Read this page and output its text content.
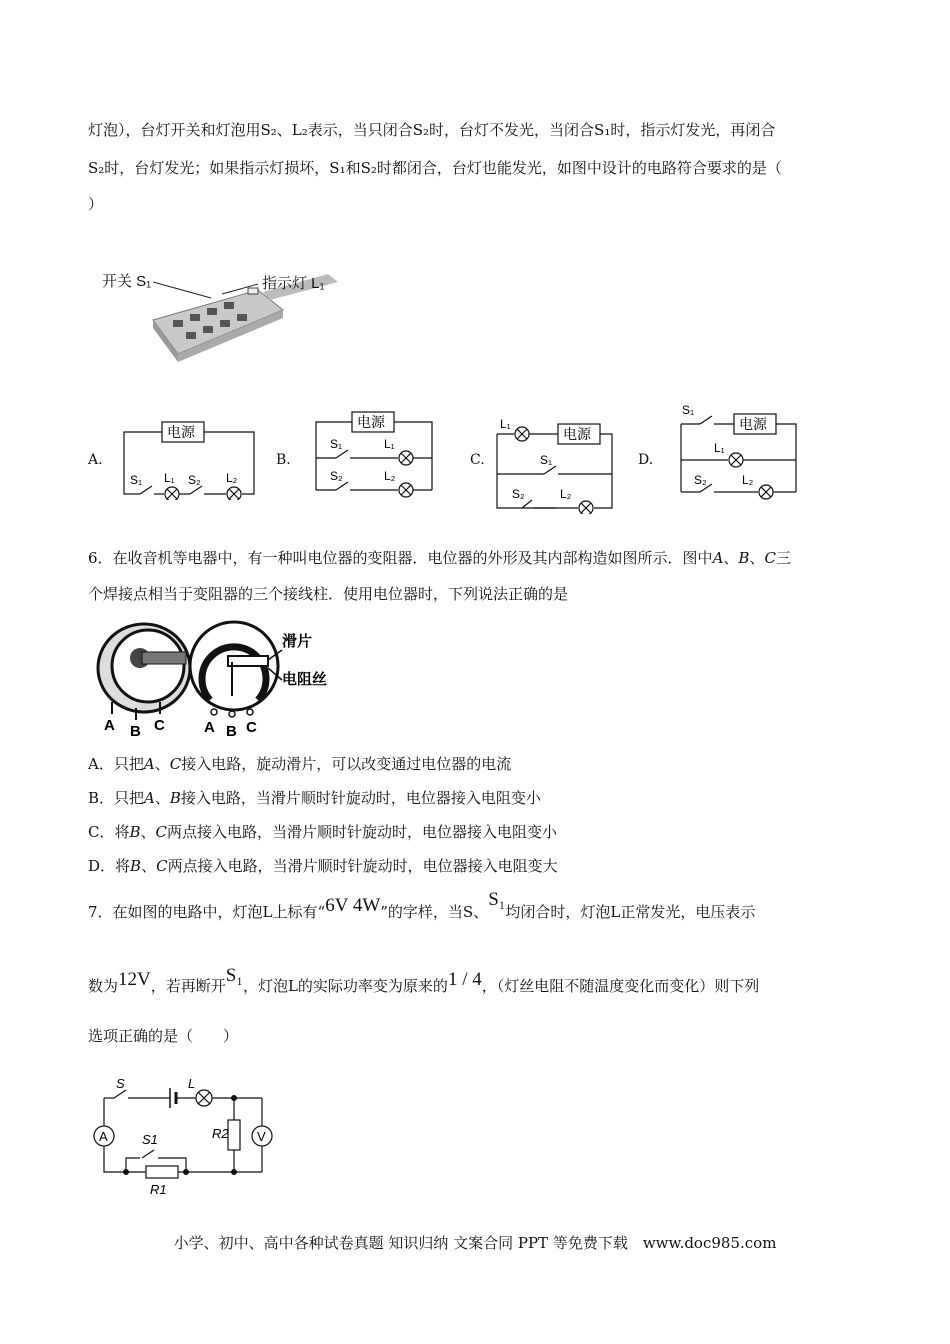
灯泡），台灯开关和灯泡用S₂、L₂表示，当只闭合S₂时，台灯不发光，当闭合S₁时，指示灯发光，再闭合
S₂时，台灯发光；如果指示灯损坏，S₁和S₂时都闭合，台灯也能发光，如图中设计的电路符合要求的是（
）
开关 S₁	指示灯 L₁
A.	B.	C.	D.
电源
S₁ L₁ S₂ L₂
电源
S₁	L₁
S₂	L₂
电源
L₁
S₁
S₂	L₂
电源
S₁
L₁
S₂	L₂
6．在收音机等电器中，有一种叫电位器的变阻器．电位器的外形及其内部构造如图所示．图中A、B、C三
个焊接点相当于变阻器的三个接线柱．使用电位器时，下列说法正确的是
滑片
电阻丝
A B C	A B C
A．只把A、C接入电路，旋动滑片，可以改变通过电位器的电流
B．只把A、B接入电路，当滑片顺时针旋动时，电位器接入电阻变小
C．将B、C两点接入电路，当滑片顺时针旋动时，电位器接入电阻变小
D．将B、C两点接入电路，当滑片顺时针旋动时，电位器接入电阻变大
7．在如图的电路中，灯泡L上标有“6V 4W”的字样，当S、S₁均闭合时，灯泡L正常发光，电压表示
数为12V，若再断开S₁，灯泡L的实际功率变为原来的1 / 4，（灯丝电阻不随温度变化而变化）则下列
选项正确的是（　　）
A	V
S	L
S1
R1
R2
小学、初中、高中各种试卷真题 知识归纳 文案合同 PPT 等免费下载　www.doc985.com
